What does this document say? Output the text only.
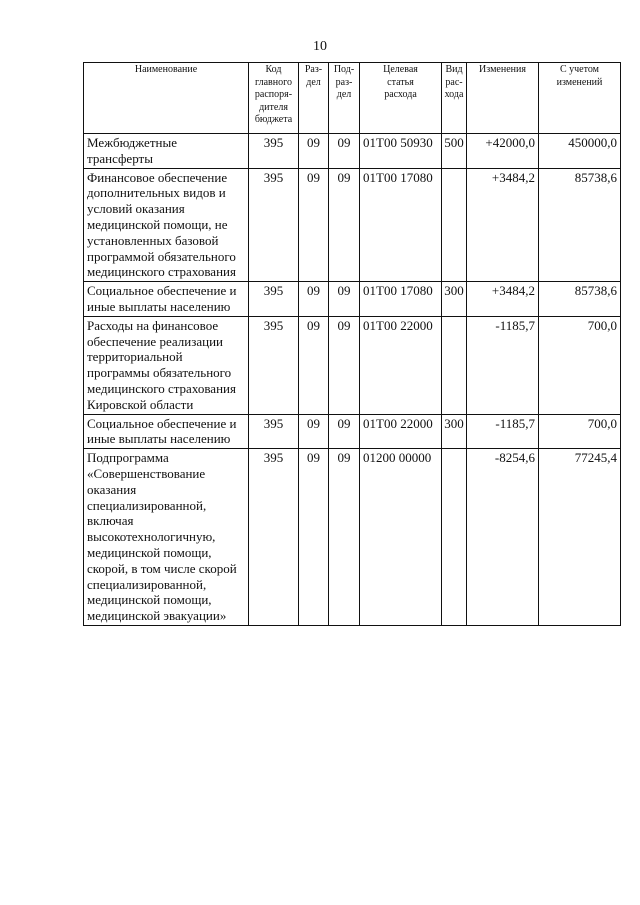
10
Наименование	Код
главного
распоря-
дителя
бюджета	Раз-
дел	Под-
раз-
дел	Целевая
статья
расхода	Вид
рас-
хода	Изменения	С учетом
изменений

Межбюджетные трансферты	395	09	09	01Т00 50930	500	+42000,0	450000,0
Финансовое обеспечение дополнительных видов и условий оказания медицинской помощи, не установленных базовой программой обязательного медицинского страхования	395	09	09	01Т00 17080		+3484,2	85738,6
Социальное обеспечение и иные выплаты населению	395	09	09	01Т00 17080	300	+3484,2	85738,6
Расходы на финансовое обеспечение реализации территориальной программы обязательного медицинского страхования Кировской области	395	09	09	01Т00 22000		-1185,7	700,0
Социальное обеспечение и иные выплаты населению	395	09	09	01Т00 22000	300	-1185,7	700,0
Подпрограмма «Совершенствование оказания специализированной, включая высокотехнологичную, медицинской помощи, скорой, в том числе скорой специализированной, медицинской помощи, медицинской эвакуации»	395	09	09	01200 00000		-8254,6	77245,4
